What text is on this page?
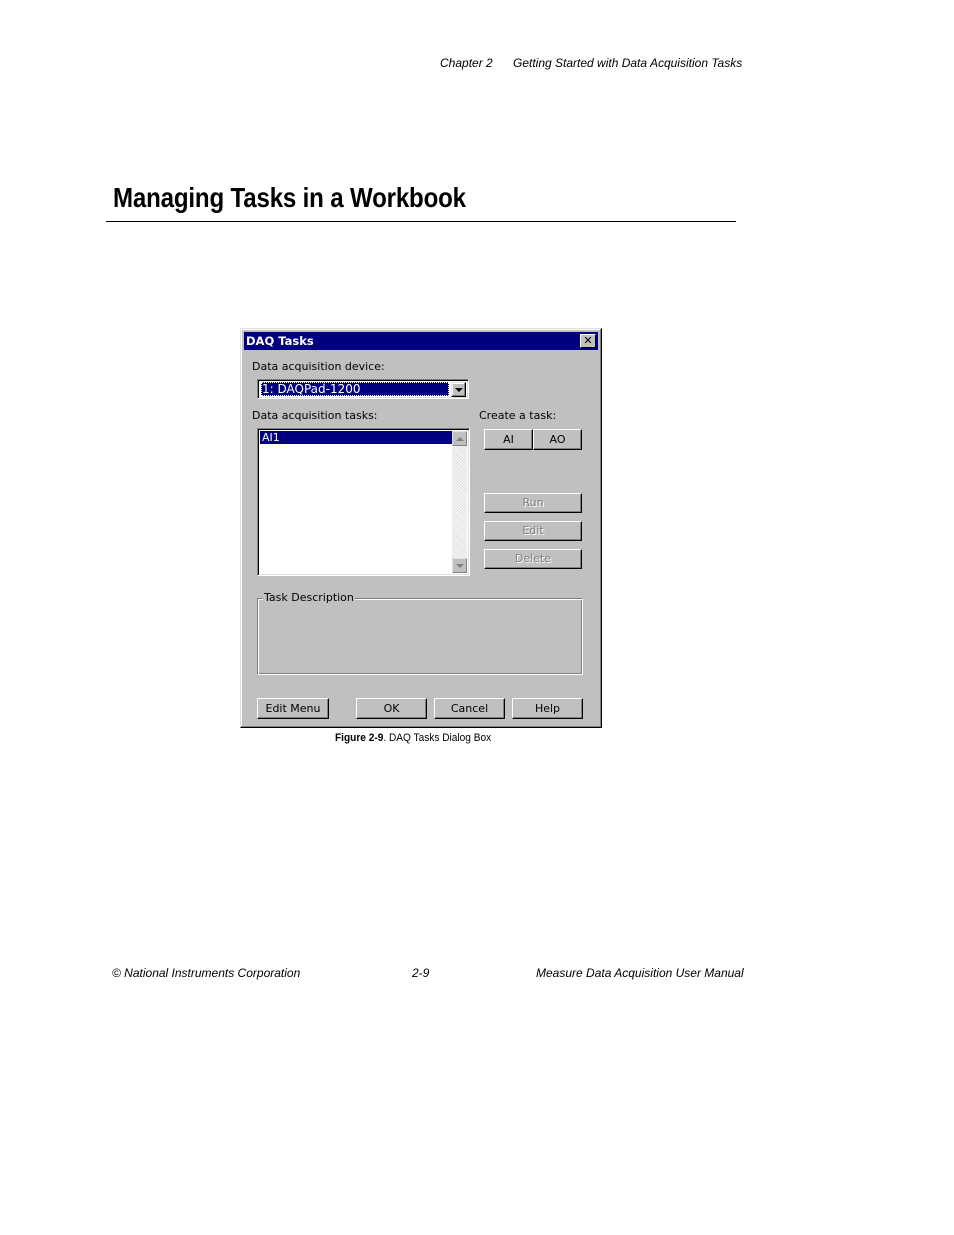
Chapter 2 Getting Started with Data Acquisition Tasks
Managing Tasks in a Workbook
DAQ Tasks	✕
Data acquisition device:
1: DAQPad-1200
Data acquisition tasks:	Create a task:
AI1	AI	AO
Run
Edit
Delete
Task Description
Edit Menu	OK	Cancel	Help
Figure 2-9. DAQ Tasks Dialog Box
© National Instruments Corporation	2-9	Measure Data Acquisition User Manual
